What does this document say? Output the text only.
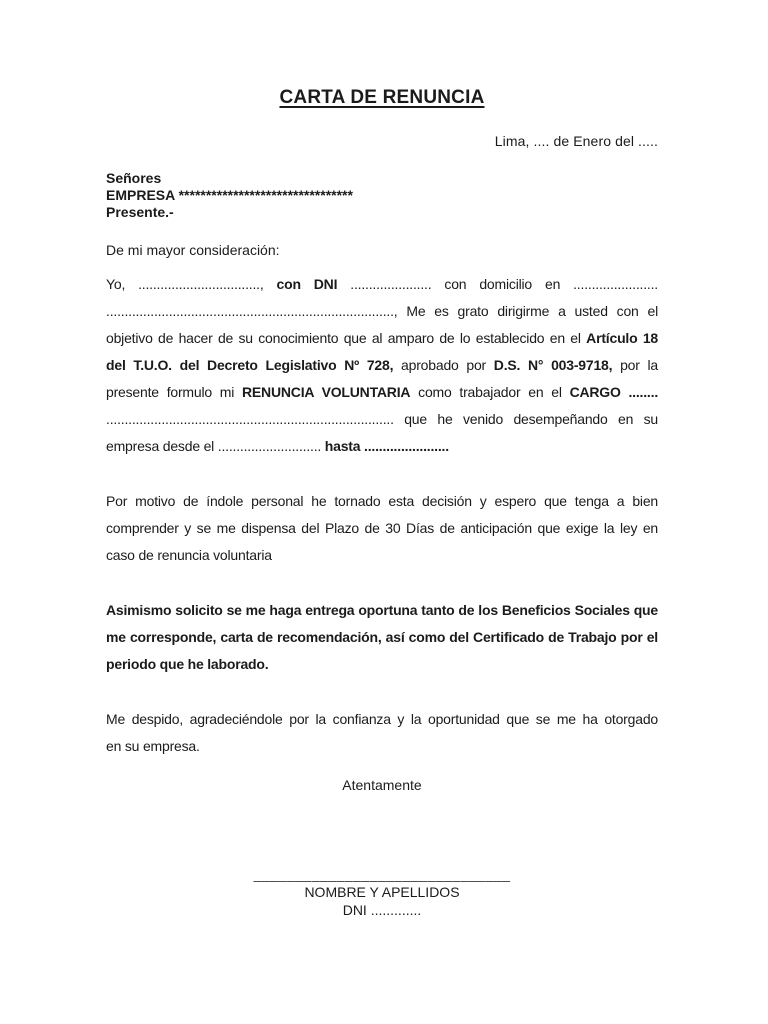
CARTA DE RENUNCIA
Lima, .... de Enero del .....
Señores
EMPRESA ********************************
Presente.-
De mi mayor consideración:
Yo, ................................., con DNI ...................... con domicilio en .......................
.............................................................................., Me es grato dirigirme a usted con el
objetivo de hacer de su conocimiento que al amparo de lo establecido en el Artículo 18
del T.U.O. del Decreto Legislativo Nº 728, aprobado por D.S. N° 003-9718, por la
presente formulo mi RENUNCIA VOLUNTARIA como trabajador en el CARGO ........
.............................................................................. que he venido desempeñando en su
empresa desde el ............................ hasta .......................
Por motivo de índole personal he tornado esta decisión y espero que tenga a bien
comprender y se me dispensa del Plazo de 30 Días de anticipación que exige la ley en
caso de renuncia voluntaria
Asimismo solicito se me haga entrega oportuna tanto de los Beneficios Sociales que
me corresponde, carta de recomendación, así como del Certificado de Trabajo por el
periodo que he laborado.
Me despido, agradeciéndole por la confianza y la oportunidad que se me ha otorgado
en su empresa.
Atentamente
_______________________________
NOMBRE Y APELLIDOS
DNI .............
